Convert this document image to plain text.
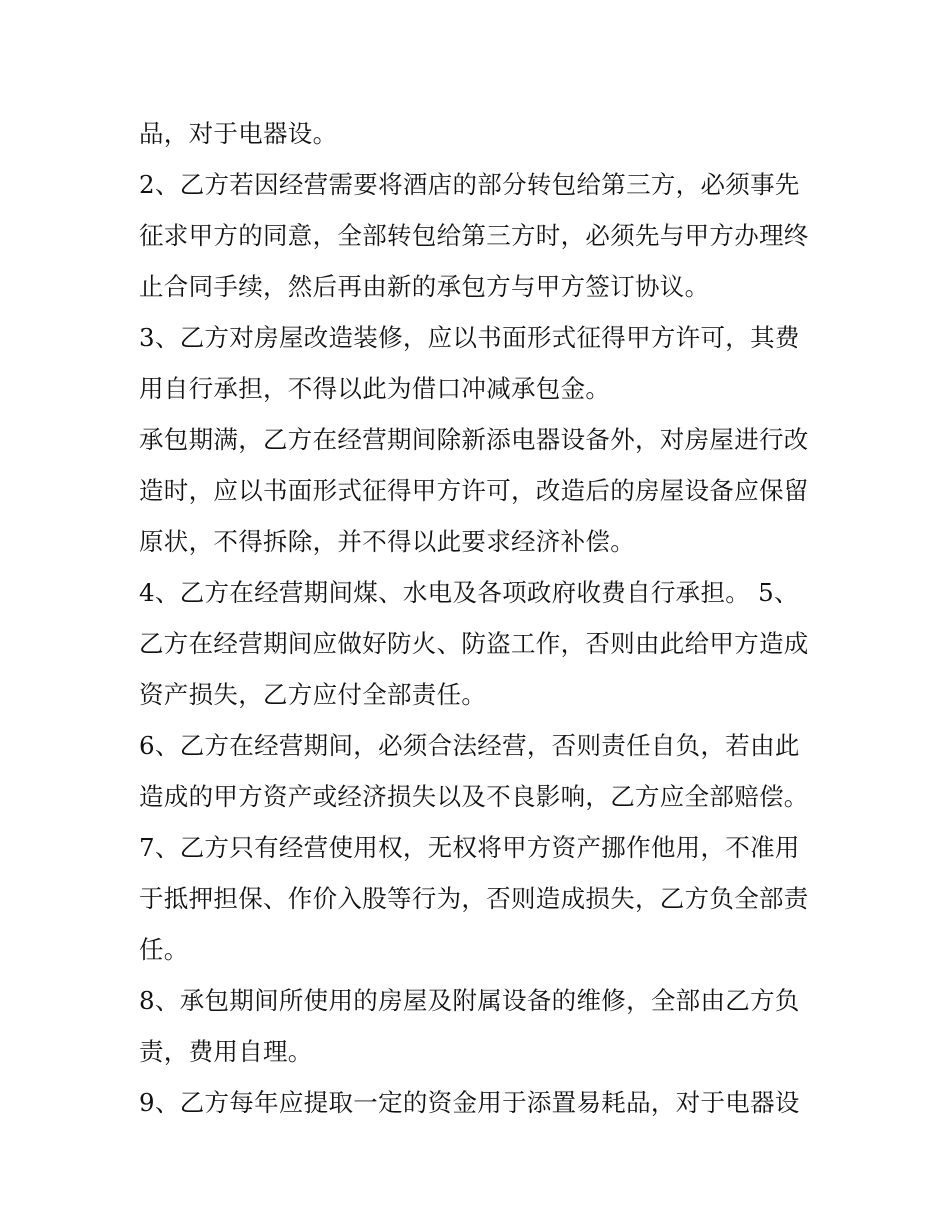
品，对于电器设。
2、乙方若因经营需要将酒店的部分转包给第三方，必须事先
征求甲方的同意，全部转包给第三方时，必须先与甲方办理终
止合同手续，然后再由新的承包方与甲方签订协议。
3、乙方对房屋改造装修，应以书面形式征得甲方许可，其费
用自行承担，不得以此为借口冲减承包金。
承包期满，乙方在经营期间除新添电器设备外，对房屋进行改
造时，应以书面形式征得甲方许可，改造后的房屋设备应保留
原状，不得拆除，并不得以此要求经济补偿。
4、乙方在经营期间煤、水电及各项政府收费自行承担。 5、
乙方在经营期间应做好防火、防盗工作，否则由此给甲方造成
资产损失，乙方应付全部责任。
6、乙方在经营期间，必须合法经营，否则责任自负，若由此
造成的甲方资产或经济损失以及不良影响，乙方应全部赔偿。
7、乙方只有经营使用权，无权将甲方资产挪作他用，不准用
于抵押担保、作价入股等行为，否则造成损失，乙方负全部责
任。
8、承包期间所使用的房屋及附属设备的维修，全部由乙方负
责，费用自理。
9、乙方每年应提取一定的资金用于添置易耗品，对于电器设
